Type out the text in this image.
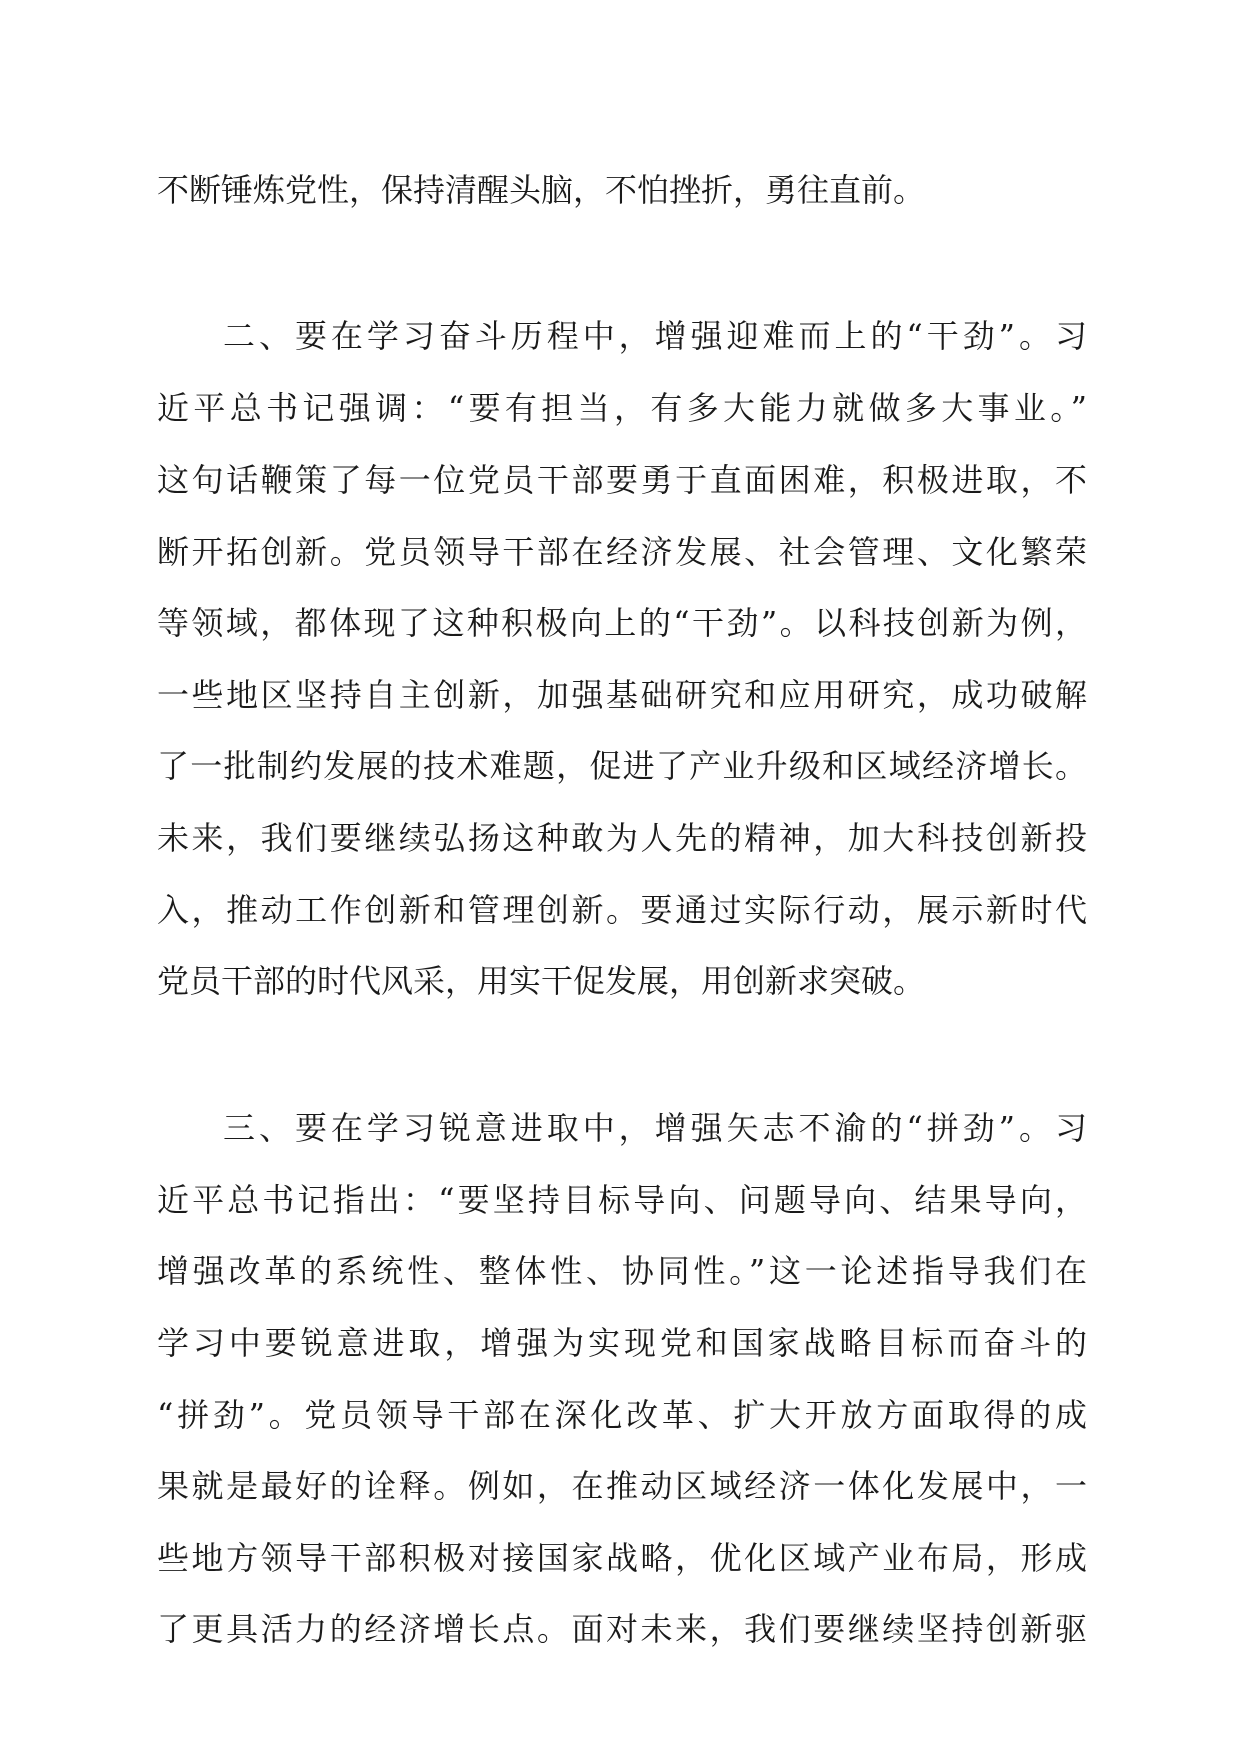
不断锤炼党性，保持清醒头脑，不怕挫折，勇往直前。
二、要在学习奋斗历程中，增强迎难而上的“干劲”。习
近平总书记强调：“要有担当，有多大能力就做多大事业。”
这句话鞭策了每一位党员干部要勇于直面困难，积极进取，不
断开拓创新。党员领导干部在经济发展、社会管理、文化繁荣
等领域，都体现了这种积极向上的“干劲”。以科技创新为例，
一些地区坚持自主创新，加强基础研究和应用研究，成功破解
了一批制约发展的技术难题，促进了产业升级和区域经济增长。
未来，我们要继续弘扬这种敢为人先的精神，加大科技创新投
入，推动工作创新和管理创新。要通过实际行动，展示新时代
党员干部的时代风采，用实干促发展，用创新求突破。
三、要在学习锐意进取中，增强矢志不渝的“拼劲”。习
近平总书记指出：“要坚持目标导向、问题导向、结果导向，
增强改革的系统性、整体性、协同性。”这一论述指导我们在
学习中要锐意进取，增强为实现党和国家战略目标而奋斗的
“拼劲”。党员领导干部在深化改革、扩大开放方面取得的成
果就是最好的诠释。例如，在推动区域经济一体化发展中，一
些地方领导干部积极对接国家战略，优化区域产业布局，形成
了更具活力的经济增长点。面对未来，我们要继续坚持创新驱
